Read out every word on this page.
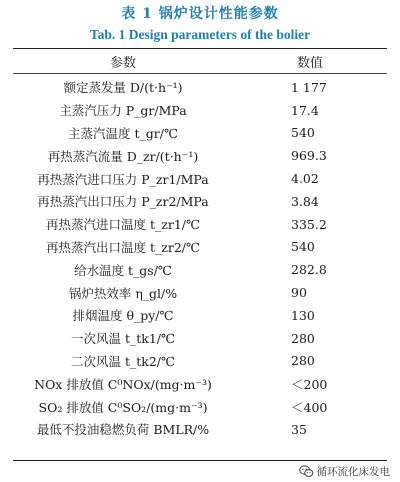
表 1 锅炉设计性能参数
Tab. 1 Design parameters of the bolier
参数	数值
额定蒸发量 D/(t·h⁻¹)	1 177
主蒸汽压力 P_gr/MPa	17.4
主蒸汽温度 t_gr/℃	540
再热蒸汽流量 D_zr/(t·h⁻¹)	969.3
再热蒸汽进口压力 P_zr1/MPa	4.02
再热蒸汽出口压力 P_zr2/MPa	3.84
再热蒸汽进口温度 t_zr1/℃	335.2
再热蒸汽出口温度 t_zr2/℃	540
给水温度 t_gs/℃	282.8
锅炉热效率 η_gl/%	90
排烟温度 θ_py/℃	130
一次风温 t_tk1/℃	280
二次风温 t_tk2/℃	280
NOx 排放值 C⁰NOx/(mg·m⁻³)	＜200
SO₂ 排放值 C⁰SO₂/(mg·m⁻³)	＜400
最低不投油稳燃负荷 BMLR/%	35
循环流化床发电
